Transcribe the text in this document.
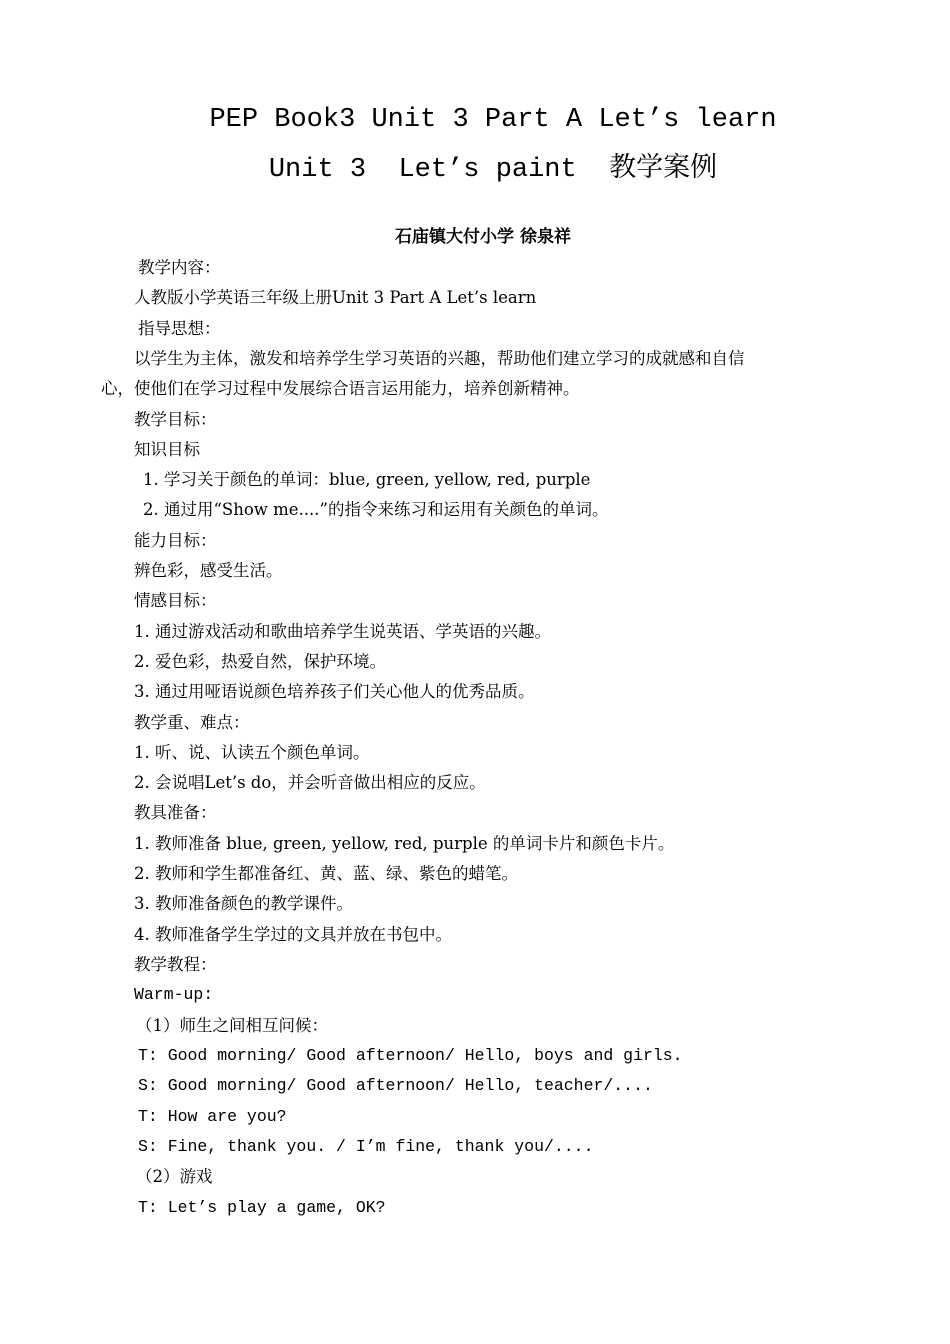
PEP Book3 Unit 3 Part A Let’s learn
Unit 3  Let’s paint  教学案例
石庙镇大付小学 徐泉祥
教学内容：
人教版小学英语三年级上册Unit 3 Part A Let’s learn
指导思想：
以学生为主体，激发和培养学生学习英语的兴趣，帮助他们建立学习的成就感和自信
心，使他们在学习过程中发展综合语言运用能力，培养创新精神。
教学目标：
知识目标
1. 学习关于颜色的单词：blue, green, yellow, red, purple
2. 通过用“Show me....”的指令来练习和运用有关颜色的单词。
能力目标：
辨色彩，感受生活。
情感目标：
1. 通过游戏活动和歌曲培养学生说英语、学英语的兴趣。
2. 爱色彩，热爱自然，保护环境。
3. 通过用哑语说颜色培养孩子们关心他人的优秀品质。
教学重、难点：
1. 听、说、认读五个颜色单词。
2. 会说唱Let’s do，并会听音做出相应的反应。
教具准备：
1. 教师准备 blue, green, yellow, red, purple 的单词卡片和颜色卡片。
2. 教师和学生都准备红、黄、蓝、绿、紫色的蜡笔。
3. 教师准备颜色的教学课件。
4. 教师准备学生学过的文具并放在书包中。
教学教程：
Warm-up:
（1）师生之间相互问候：
T: Good morning/ Good afternoon/ Hello, boys and girls.
S: Good morning/ Good afternoon/ Hello, teacher/....
T: How are you?
S: Fine, thank you. / I’m fine, thank you/....
（2）游戏
T: Let’s play a game, OK?
